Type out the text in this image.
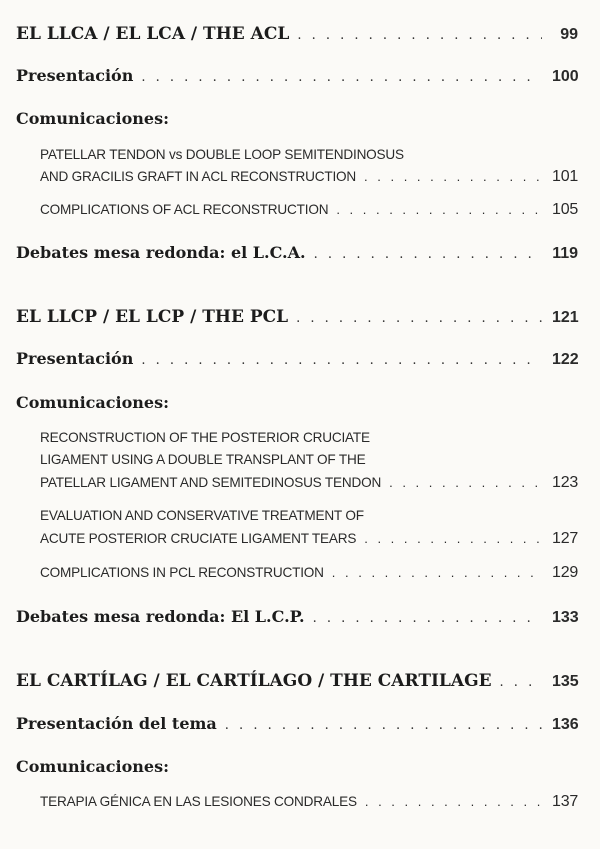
EL LLCA / EL LCA / THE ACL . . .	99
Presentación . . .	100
Comunicaciones:
PATELLAR TENDON vs DOUBLE LOOP SEMITENDINOSUS
AND GRACILIS GRAFT IN ACL RECONSTRUCTION . . .	101
COMPLICATIONS OF ACL RECONSTRUCTION . . .	105
Debates mesa redonda: el L.C.A. . . .	119
EL LLCP / EL LCP / THE PCL . . .	121
Presentación . . .	122
Comunicaciones:
RECONSTRUCTION OF THE POSTERIOR CRUCIATE
LIGAMENT USING A DOUBLE TRANSPLANT OF THE
PATELLAR LIGAMENT AND SEMITEDINOSUS TENDON . . .	123
EVALUATION AND CONSERVATIVE TREATMENT OF
ACUTE POSTERIOR CRUCIATE LIGAMENT TEARS . . .	127
COMPLICATIONS IN PCL RECONSTRUCTION . . .	129
Debates mesa redonda: El L.C.P. . . .	133
EL CARTÍLAG / EL CARTÍLAGO / THE CARTILAGE . . .	135
Presentación del tema . . .	136
Comunicaciones:
TERAPIA GÉNICA EN LAS LESIONES CONDRALES . . .	137
